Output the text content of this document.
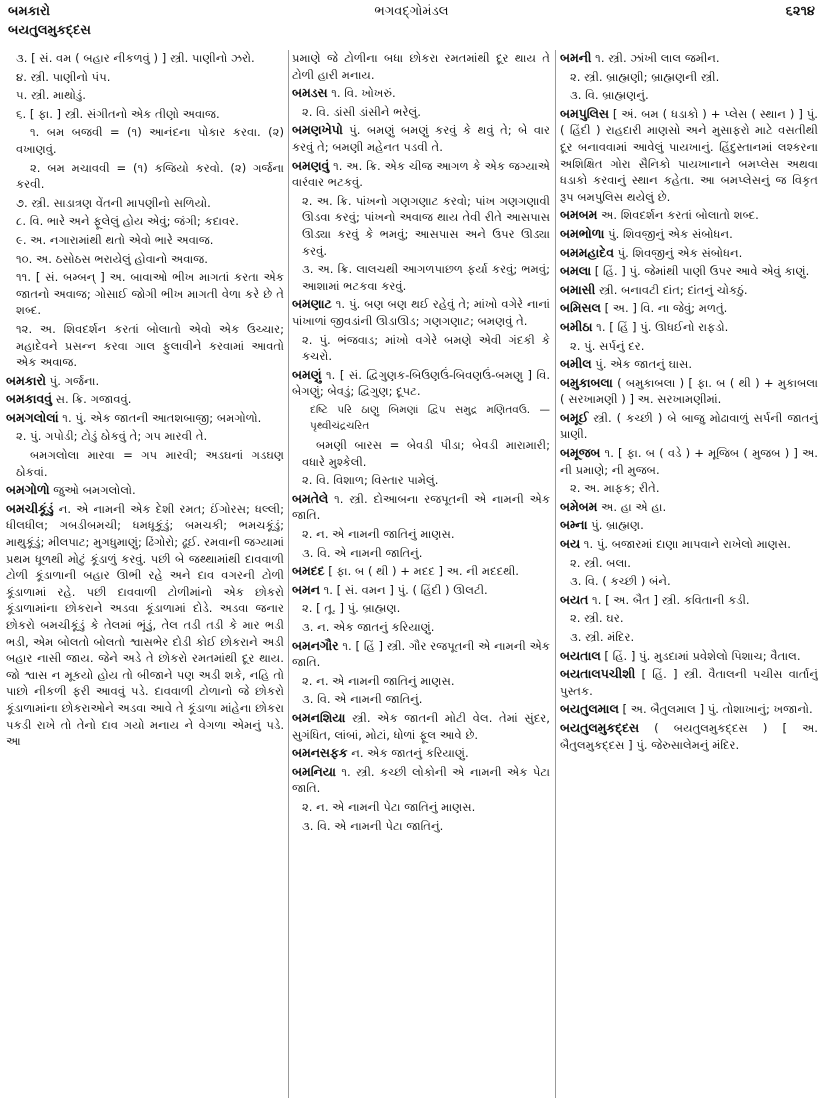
બમકારો
બયતુલમુકદ્દસ
ભગવદ્ગોમંડલ	૬૨૧૪
૩. [ સં. વમ ( બહાર નીકળવું ) ] સ્ત્રી. પાણીનો ઝરો.
૪. સ્ત્રી. પાણીનો પંપ.
૫. સ્ત્રી. માથોડું.
૬. [ ફા. ] સ્ત્રી. સંગીતનો એક તીણો અવાજ.
૧. બમ બજવી = (૧) આનંદના પોકાર કરવા. (૨) વખાણવું.
૨. બમ મચાવવી = (૧) કજિયો કરવો. (૨) ગર્જના કરવી.
૭. સ્ત્રી. સાડાત્રણ વેંતની માપણીનો સળિયો.
૮. વિ. ભારે અને ફૂલેલું હોય એવું; જંગી; કદાવર.
૯. અ. નગારામાંથી થતો એવો ભારે અવાજ.
૧૦. અ. ઠસોઠસ ભરાયેલું હોવાનો અવાજ.
૧૧. [ સં. બમ્બન્ ] અ. બાવાઓ ભીખ માગતાં કરતા એક જાતનો અવાજ; ગોસાઈ જોગી ભીખ માગતી વેળા કરે છે તે શબ્દ.
૧૨. અ. શિવદર્શન કરતાં બોલાતો એવો એક ઉચ્ચાર; મહાદેવને પ્રસન્ન કરવા ગાલ ફુલાવીને કરવામાં આવતો એક અવાજ.
બમકારો પું. ગર્જના.
બમકાવવું સ. ક્રિ. ગજાવવું.
બમગલોલાં ૧. પું. એક જાતની આતશબાજી; બમગોળો.
૨. પું. ગપોડી; ટોડું ઠોકવું તે; ગપ મારવી તે.
બમગલોલા મારવા = ગપ મારવી; અડઘનાં ગડઘણ ઠોકવાં.
બમગોળો જુઓ બમગલોલો.
બમચીકૂંડું ન. એ નામની એક દેશી રમત; ઈંગોરસ; ધલ્લી; ધીલધીલ; ગબડીબમચી; ધમધૂકૂંડું; બમચકી; ભમચકૂંડું; માથુકૂંડું; મીલપાટ; મુગધુમાણું; ઢિંગોરો; ઢૂઈ. રમવાની જગ્યામાં પ્રથમ ધૂળથી મોટું કૂંડાળું કરવું. પછી બે જથ્થામાંથી દાવવાળી ટોળી કૂંડાળાની બહાર ઊભી રહે અને દાવ વગરની ટોળી કૂંડાળામાં રહે. પછી દાવવાળી ટોળીમાંનો એક છોકરો કૂંડાળામાંના છોકરાને અડવા કૂંડાળામાં દોડે. અડવા જનાર છોકરો બમચીકૂંડું કે તેલમાં ભૂંડું, તેલ તડી તડી કે માર ભડી ભડી, એમ બોલતો બોલતો શ્વાસભેર દોડી કોઈ છોકરાને અડી બહાર નાસી જાય. જેને અડે તે છોકરો રમતમાંથી દૂર થાય. જો શ્વાસ ન મૂકયો હોય તો બીજાને પણ અડી શકે, નહિ તો પાછો નીકળી ફરી આવવું પડે. દાવવાળી ટોળાનો જે છોકરો કૂંડાળામાંના છોકરાઓને અડવા આવે તે કૂંડાળા માંહેના છોકરા પકડી રાખે તો તેનો દાવ ગયો મનાય ને વેગળા એમનું પડે. આ
પ્રમાણે જે ટોળીના બધા છોકરા રમતમાંથી દૂર થાય તે ટોળી હારી મનાય.
બમડસ ૧. વિ. ખોખરું.
૨. વિ. ડાંસી ડાંસીને ભરેલું.
બમણખેપો પું. બમણું બમણું કરવું કે થવું તે; બે વાર કરવું તે; બમણી મહેનત પડવી તે.
બમણવું ૧. અ. ક્રિ. એક ચીજ આગળ કે એક જગ્યાએ વારંવાર ભટકવું.
૨. અ. ક્રિ. પાંખનો ગણગણાટ કરવો; પાંખ ગણગણાવી ઊડવા કરવું; પાંખનો અવાજ થાય તેવી રીતે આસપાસ ઊડ્યા કરવું કે ભમવું; આસપાસ અને ઉપર ઊડ્યા કરવું.
૩. અ. ક્રિ. લાલચથી આગળપાછળ ફર્યા કરવું; ભમવું; આશામાં ભટકવા કરવું.
બમણાટ ૧. પું. બણ બણ થઈ રહેવું તે; માંખો વગેરે નાનાં પાંખાળાં જીવડાંની ઊડાઊડ; ગણગણાટ; બમણવું તે.
૨. પું. ભંજવાડ; માંખો વગેરે બમણે એવી ગંદકી કે કચરો.
બમણું ૧. [ સં. દ્વિગુણક-બિઉણઉં-બિવણઉં-બમણુ ] વિ. બેગણું; બેવડું; દ્વિગુણ; દૂપટ.
દષ્ટિ પરિ ઠાણુ બિમણાં દ્વિપ સમુદ્ર મણિતવઉ. —પૃથ્વીચંદ્રચરિત
બમણી બારસ = બેવડી પીડા; બેવડી મારામારી; વધારે મુશ્કેલી.
૨. વિ. વિશાળ; વિસ્તાર પામેલું.
બમતેલે ૧. સ્ત્રી. દોઆબના રજપૂતની એ નામની એક જાતિ.
૨. ન. એ નામની જાતિનું માણસ.
૩. વિ. એ નામની જાતિનું.
બમદદ [ ફા. બ ( થી ) + મદદ ] અ. ની મદદથી.
બમન ૧. [ સં. વમન ] પું. ( હિંદી ) ઊલટી.
૨. [ તૂ. ] પું. બ્રાહ્મણ.
૩. ન. એક જાતનું કરિયાણું.
બમનગૌર ૧. [ હિં ] સ્ત્રી. ગૌર રજપૂતની એ નામની એક જાતિ.
૨. ન. એ નામની જાતિનું માણસ.
૩. વિ. એ નામની જાતિનું.
બમનશિયા સ્ત્રી. એક જાતની મોટી વેલ. તેમાં સુંદર, સુગંધિત, લાંબાં, મોટાં, ધોળાં ફૂલ આવે છે.
બમનસફક ન. એક જાતનું કરિયાણું.
બમનિયા ૧. સ્ત્રી. કચ્છી લોકોની એ નામની એક પેટા જાતિ.
૨. ન. એ નામની પેટા જાતિનું માણસ.
૩. વિ. એ નામની પેટા જાતિનું.
બમની ૧. સ્ત્રી. ઝાંખી લાલ જમીન.
૨. સ્ત્રી. બ્રાહ્મણી; બ્રાહ્મણની સ્ત્રી.
૩. વિ. બ્રાહ્મણનું.
બમપુલિસ [ અં. બમ ( ધડાકો ) + પ્લેસ ( સ્થાન ) ] પું. ( હિંદી ) રાહદારી માણસો અને મુસાફરો માટે વસતીથી દૂર બનાવવામાં આવેલું પાયખાનું. હિંદુસ્તાનમાં લશ્કરના અશિક્ષિત ગોરા સૈનિકો પાયખાનાને બમપ્લેસ અથવા ધડાકો કરવાનું સ્થાન કહેતા. આ બમપ્લેસનું જ વિકૃત રૂપ બમપુલિસ થયેલું છે.
બમબમ અ. શિવદર્શન કરતાં બોલાતો શબ્દ.
બમભોળા પું. શિવજીનું એક સંબોધન.
બમમહાદેવ પું. શિવજીનું એક સંબોધન.
બમલા [ હિં. ] પું. જેમાંથી પાણી ઉપર આવે એવું કાણું.
બમાસી સ્ત્રી. બનાવટી દાંત; દાંતનું ચોકઠું.
બમિસલ [ અ. ] વિ. ના જેવું; મળતું.
બમીઠા ૧. [ હિં ] પું. ઊધઈનો રાફડો.
૨. પું. સર્પનું દર.
બમીલ પું. એક જાતનું ઘાસ.
બમુકાબલા ( બમુકાબલા ) [ ફા. બ ( થી ) + મુકાબલા ( સરખામણી ) ] અ. સરખામણીમાં.
બમૂઈ સ્ત્રી. ( કચ્છી ) બે બાજુ મોઢાવાળું સર્પની જાતનું પ્રાણી.
બમૂજબ ૧. [ ફા. બ ( વડે ) + મૂજિબ ( મુજબ ) ] અ. ની પ્રમાણે; ની મુજબ.
૨. અ. માફક; રીતે.
બમેબમ અ. હા એ હા.
બમ્ના પું. બ્રાહ્મણ.
બય ૧. પું. બજારમાં દાણા માપવાને રાખેલો માણસ.
૨. સ્ત્રી. બલા.
૩. વિ. ( કચ્છી ) બંને.
બયત ૧. [ અ. બૈત ] સ્ત્રી. કવિતાની કડી.
૨. સ્ત્રી. ઘર.
૩. સ્ત્રી. મંદિર.
બયતાલ [ હિં. ] પું. મુડદામાં પ્રવેશેલો પિશાચ; વૈતાલ.
બયતાલપચીશી [ હિં. ] સ્ત્રી. વૈતાલની પચીસ વાર્તાનું પુસ્તક.
બયતુલમાલ [ અ. બૈતુલમાલ ] પું. તોશાખાનું; ખજાનો.
બયતુલમુકદ્દસ ( બયતુલમુકદ્દસ ) [ અ. બૈતુલમુકદ્દસ ] પું. જેરુસાલેમનું મંદિર.
